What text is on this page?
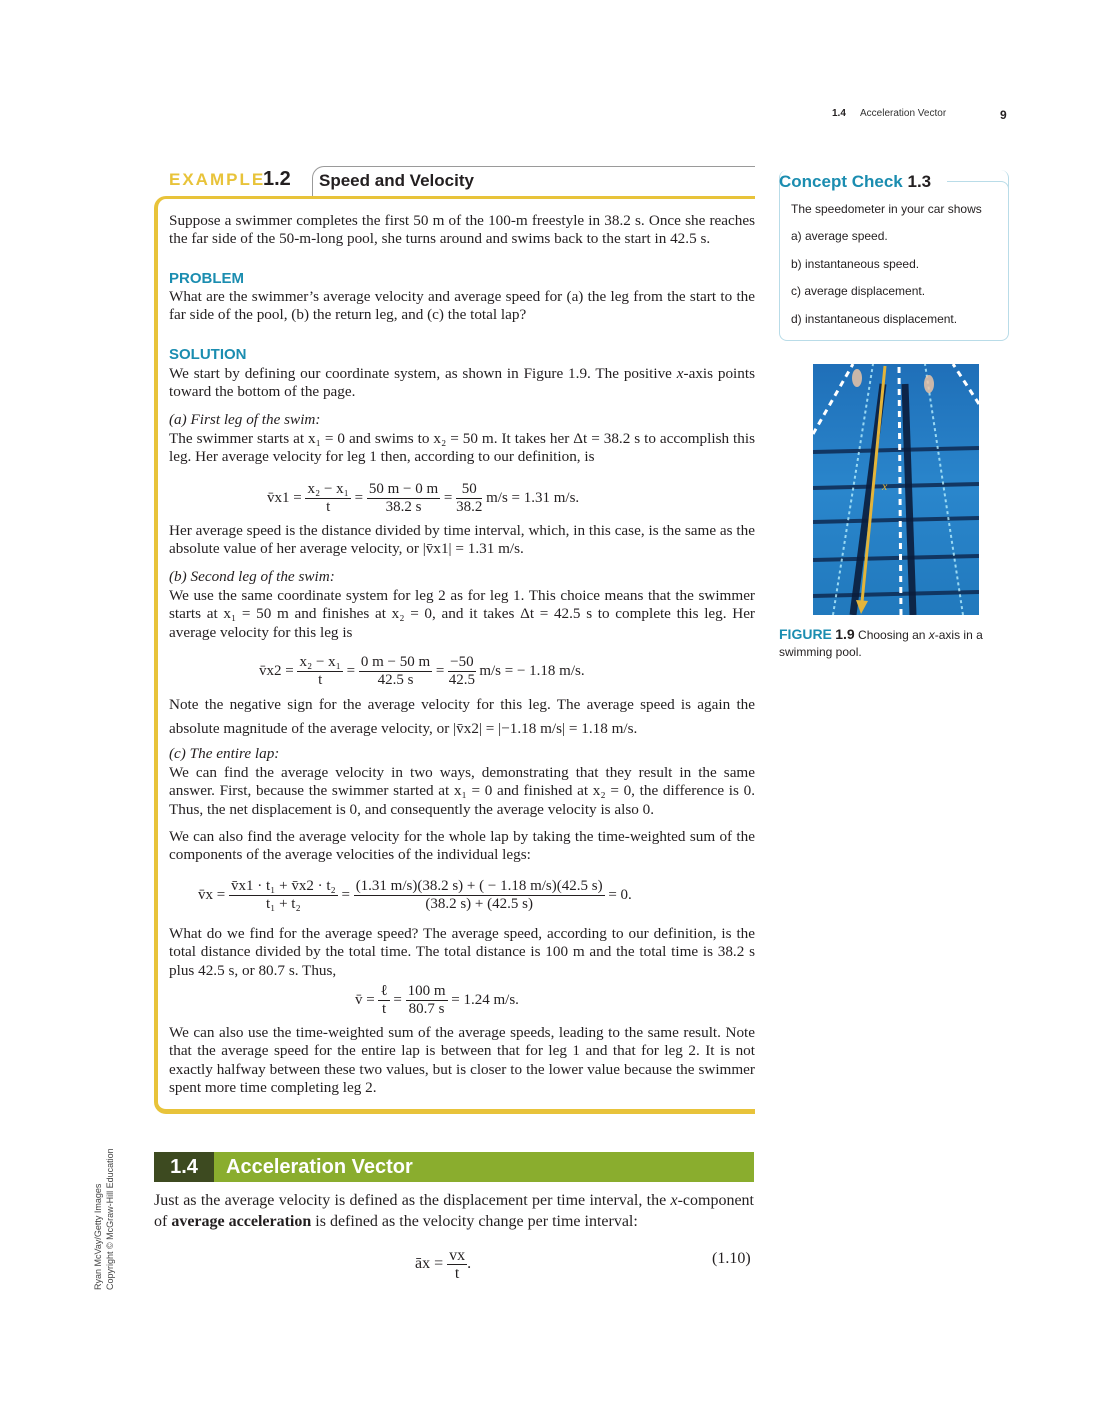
1.4 Acceleration Vector	9
EXAMPLE
1.2 Speed and Velocity

Suppose a swimmer completes the first 50 m of the 100-m freestyle in 38.2 s. Once she reaches the far side of the 50-m-long pool, she turns around and swims back to the start in 42.5 s.

PROBLEM

What are the swimmer’s average velocity and average speed for (a) the leg from the start to the far side of the pool, (b) the return leg, and (c) the total lap?

SOLUTION

We start by defining our coordinate system, as shown in Figure 1.9. The positive x-axis points toward the bottom of the page.

(a) First leg of the swim:

The swimmer starts at x₁ = 0 and swims to x₂ = 50 m. It takes her Δt = 38.2 s to accomplish this leg. Her average velocity for leg 1 then, according to our definition, is

v̄x1 = $\frac{\text{x₂ − x₁}}{t} = \frac{50 m - 0 m}{38.2 s} = \frac{50}{38.2} m/s = 1.31$ m/s.

Her average speed is the distance divided by time interval, which, in this case, is the same as the absolute value of her average velocity, or |v̄x1| = 1.31 m/s.

(b) Second leg of the swim:

We use the same coordinate system for leg 2 as for leg 1. This choice means that the swimmer starts at x₁ = 50 m and finishes at x₂ = 0, and it takes Δt = 42.5 s to complete this leg. Her average velocity for this leg is

v̄x2 = $\frac{\text{x₂ − x₁}}{t} = \frac{0 m - 50 m}{42.5 s} = \frac{-50}{42.5} m/s$ = − 1.18 m/s.

Note the negative sign for the average velocity for this leg. The average speed is again the absolute magnitude of the average velocity, or |v̄x2| = |−1.18 m/s| = 1.18 m/s.

(c) The entire lap:

We can find the average velocity in two ways, demonstrating that they result in the same answer. First, because the swimmer started at x₁ = 0 and finished at x₂ = 0, the difference is 0. Thus, the net displacement is 0, and consequently the average velocity is also 0.

We can also find the average velocity for the whole lap by taking the time-weighted sum of the components of the average velocities of the individual legs:

v̄x = $\frac{\text{v̄x1 · t₁ + v̄x2 · t₂}}{\text{t₁ + t₂}} = \frac{(1.31 m/s)(38.2 s) + ( - 1.18 m/s)(42.5 s)}{(38.2 s) + (42.5 s)} = 0$.

What do we find for the average speed? The average speed, according to our definition, is the total distance divided by the total time. The total distance is 100 m and the total time is 38.2 s plus 42.5 s, or 80.7 s. Thus,

v̄ = $\frac{\text{ℓ}}{t} = \frac{100 m}{80.7 s} = 1.24$ m/s.

We can also use the time-weighted sum of the average speeds, leading to the same result. Note that the average speed for the entire lap is between that for leg 1 and that for leg 2. It is not exactly halfway between these two values, but is closer to the lower value because the swimmer spent more time completing leg 2.

Concept Check 1.3
The speedometer in your car shows
a) average speed.
b) instantaneous speed.
c) average displacement.
d) instantaneous displacement.
x
FIGURE 1.9 Choosing an x-axis in a swimming pool.
1.4	Acceleration Vector

Just as the average velocity is defined as the displacement per time interval, the x-component of average acceleration is defined as the velocity change per time interval:

āx = $\frac{vx}{t}$ .	(1.10)
Ryan McVay/Getty Images Copyright © McGraw-Hill Education
